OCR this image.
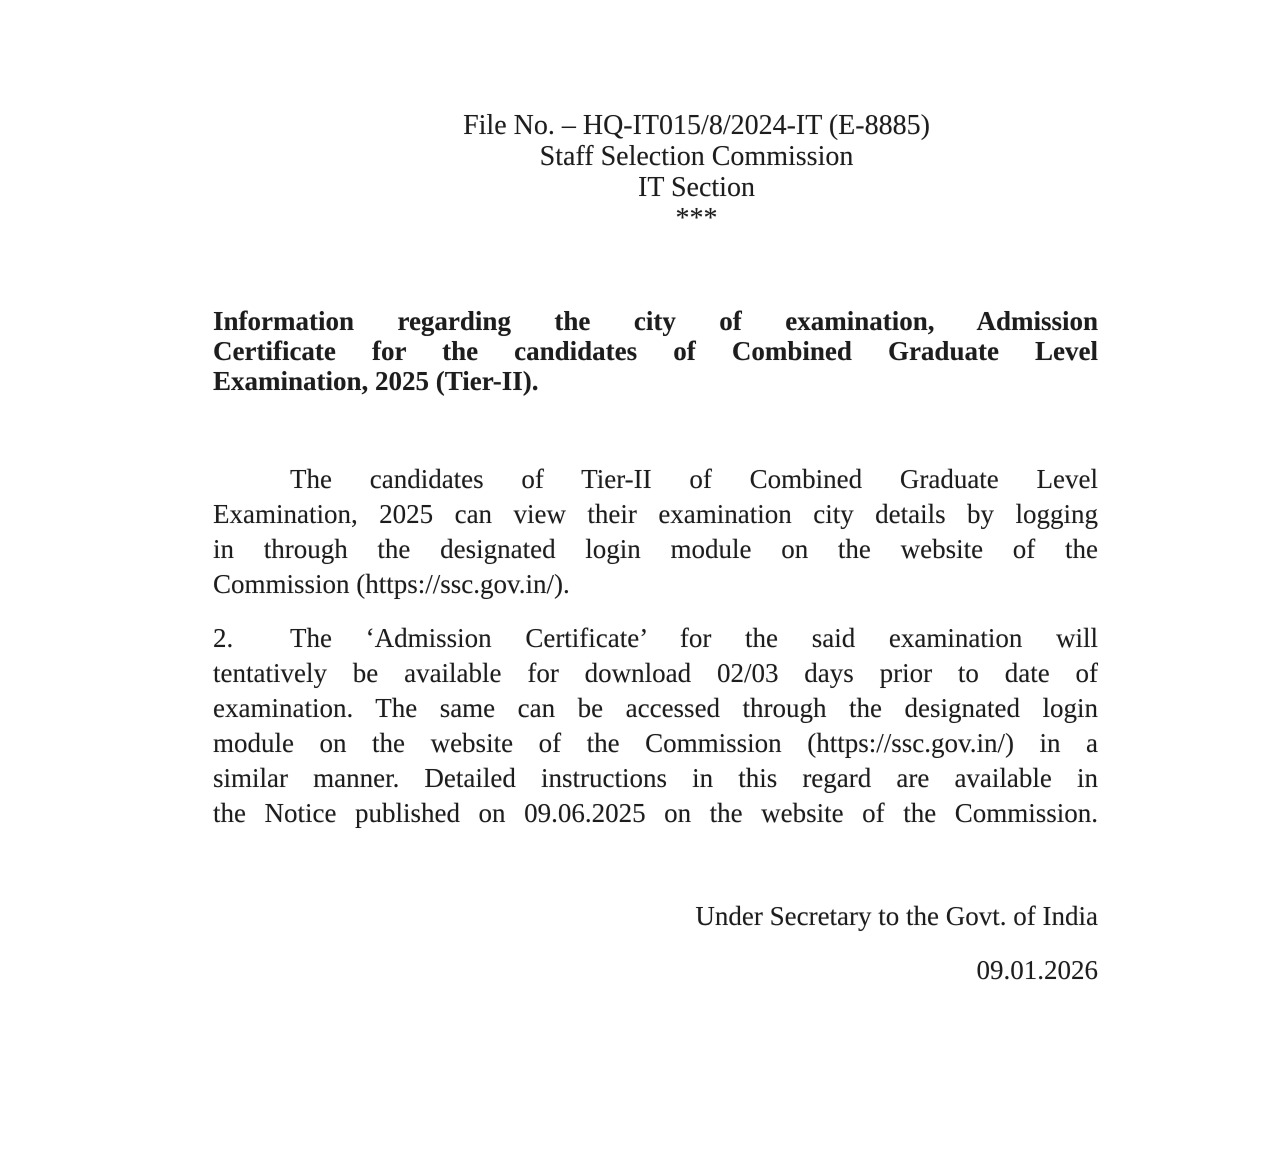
File No. – HQ-IT015/8/2024-IT (E-8885)
Staff Selection Commission
IT Section
***
Information regarding the city of examination, Admission
Certificate for the candidates of Combined Graduate Level
Examination, 2025 (Tier-II).
The candidates of Tier-II of Combined Graduate Level
Examination, 2025 can view their examination city details by logging
in through the designated login module on the website of the
Commission (https://ssc.gov.in/).
2. The ‘Admission Certificate’ for the said examination will
tentatively be available for download 02/03 days prior to date of
examination. The same can be accessed through the designated login
module on the website of the Commission (https://ssc.gov.in/) in a
similar manner. Detailed instructions in this regard are available in
the Notice published on 09.06.2025 on the website of the Commission.
Under Secretary to the Govt. of India
09.01.2026
